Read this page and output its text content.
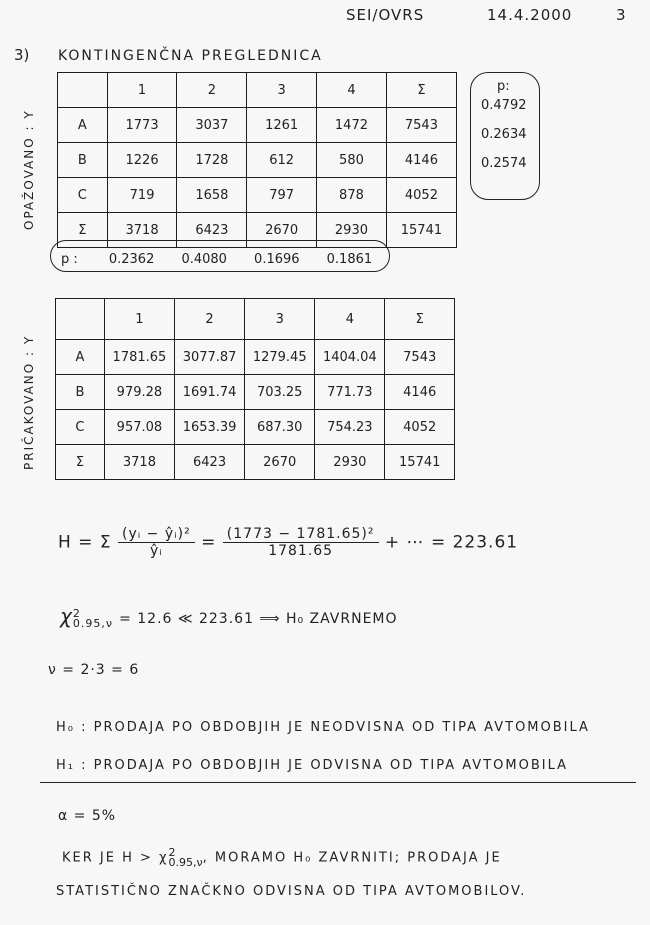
SEI/OVRS	14.4.2000	3
3) KONTINGENČNA PREGLEDNICA
OPAŽOVANO : Y
	1	2	3	4	Σ
A	1773	3037	1261	1472	7543
B	1226	1728	612	580	4146
C	719	1658	797	878	4052
Σ	3718	6423	2670	2930	15741
p:
0.4792
0.2634
0.2574
p : 0.2362 0.4080 0.1696 0.1861
PRIČAKOVANO : Y
	1	2	3	4	Σ
A	1781.65	3077.87	1279.45	1404.04	7543
B	979.28	1691.74	703.25	771.73	4146
C	957.08	1653.39	687.30	754.23	4052
Σ	3718	6423	2670	2930	15741
H = Σ $\frac{\text{(yᵢ − ŷᵢ)²}}{\text{ŷᵢ}} = \frac{\text{(1773 − 1781.65)²}}{1781.65}$ + ⋯ = 223.61
χ 2
0.95,ν = 12.6 ≪ 223.61 ⟹ H₀ ZAVRNEMO
ν = 2·3 = 6
H₀ : PRODAJA PO OBDOBJIH JE NEODVISNA OD TIPA AVTOMOBILA
H₁ : PRODAJA PO OBDOBJIH JE ODVISNA OD TIPA AVTOMOBILA
α = 5%
KER JE H > χ 2
0.95,ν , MORAMO H₀ ZAVRNITI; PRODAJA JE
STATISTIČNO ZNAČKNO ODVISNA OD TIPA AVTOMOBILOV.
